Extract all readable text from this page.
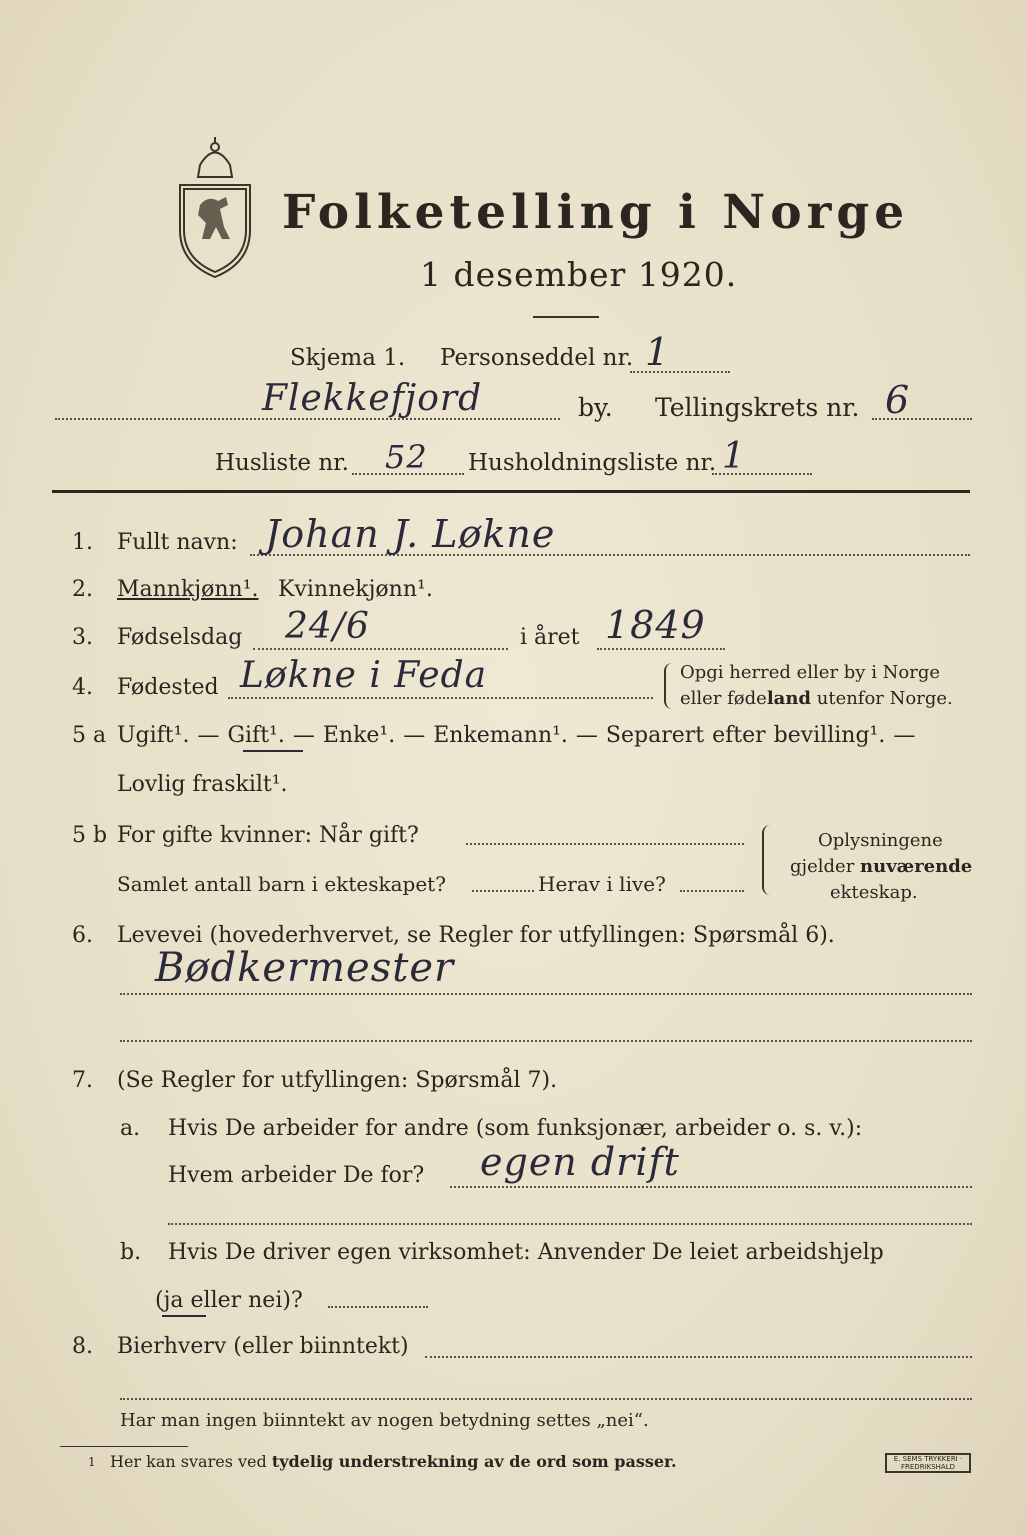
Folketelling i Norge
1 desember 1920.
Skjema 1. Personseddel nr. 1
Flekkefjord	by. Tellingskrets nr. 6
Husliste nr. 52 Husholdningsliste nr. 1
1. Fullt navn: Johan J. Løkne
2. Mannkjønn¹. Kvinnekjønn¹.
3. Fødselsdag 24/6	i året 1849
4. Fødested Løkne i Feda	Opgi herred eller by i Norge
eller fødeland utenfor Norge.
5 a Ugift¹. — Gift¹. — Enke¹. — Enkemann¹. — Separert efter bevilling¹. —
Lovlig fraskilt¹.
5 b For gifte kvinner: Når gift?
Samlet antall barn i ekteskapet?	Herav i live?
Oplysningene
gjelder nuværende
ekteskap.
6. Levevei (hovederhvervet, se Regler for utfyllingen: Spørsmål 6).
Bødkermester
7. (Se Regler for utfyllingen: Spørsmål 7).
a. Hvis De arbeider for andre (som funksjonær, arbeider o. s. v.):
Hvem arbeider De for? egen drift
b. Hvis De driver egen virksomhet: Anvender De leiet arbeidshjelp
(ja eller nei)?
8. Bierhverv (eller biinntekt)
Har man ingen biinntekt av nogen betydning settes „nei“.
1 Her kan svares ved tydelig understrekning av de ord som passer.	E. SEMS TRYKKERI · FREDRIKSHALD
